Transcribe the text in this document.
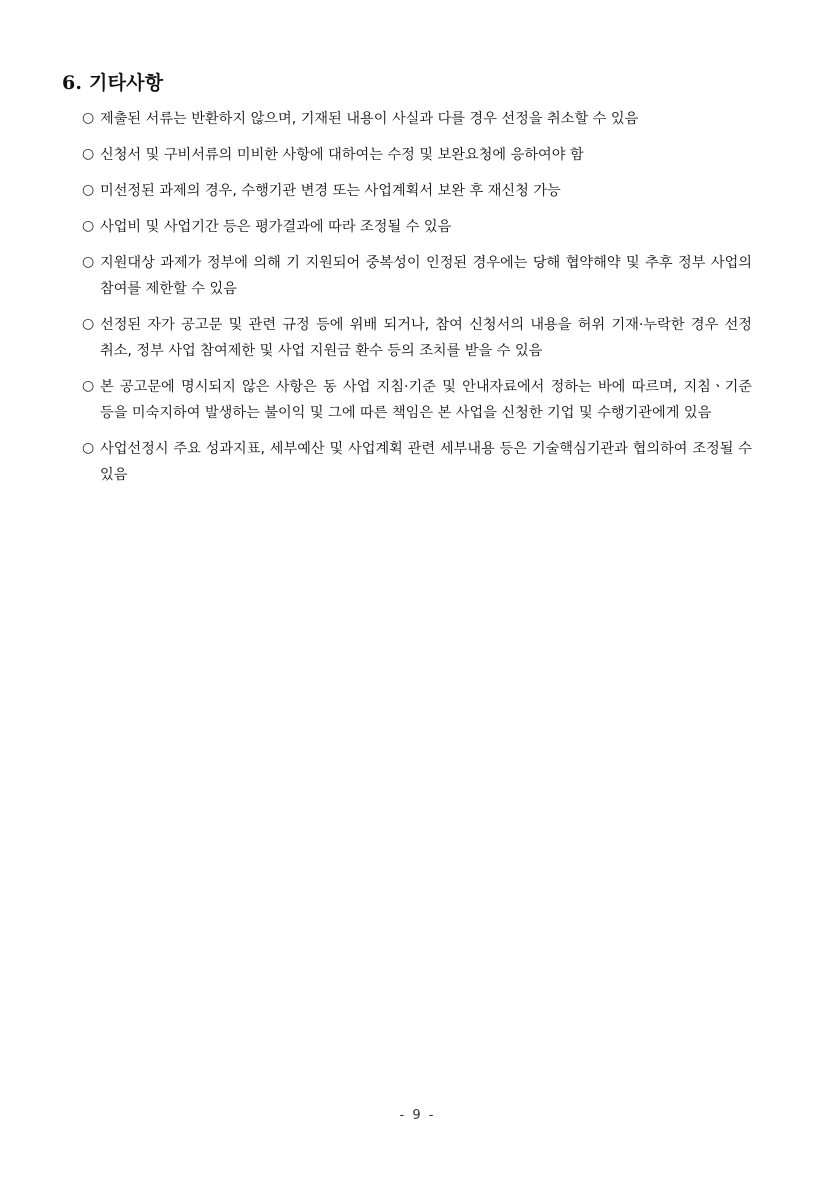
6. 기타사항
○ 제출된 서류는 반환하지 않으며, 기재된 내용이 사실과 다를 경우 선정을 취소할 수 있음
○ 신청서 및 구비서류의 미비한 사항에 대하여는 수정 및 보완요청에 응하여야 함
○ 미선정된 과제의 경우, 수행기관 변경 또는 사업계획서 보완 후 재신청 가능
○ 사업비 및 사업기간 등은 평가결과에 따라 조정될 수 있음
○ 지원대상 과제가 정부에 의해 기 지원되어 중복성이 인정된 경우에는 당해 협약해약 및 추후 정부 사업의 참여를 제한할 수 있음
○ 선정된 자가 공고문 및 관련 규정 등에 위배 되거나, 참여 신청서의 내용을 허위 기재·누락한 경우 선정 취소, 정부 사업 참여제한 및 사업 지원금 환수 등의 조치를 받을 수 있음
○ 본 공고문에 명시되지 않은 사항은 동 사업 지침·기준 및 안내자료에서 정하는 바에 따르며, 지침ㆍ기준 등을 미숙지하여 발생하는 불이익 및 그에 따른 책임은 본 사업을 신청한 기업 및 수행기관에게 있음
○ 사업선정시 주요 성과지표, 세부예산 및 사업계획 관련 세부내용 등은 기술핵심기관과 협의하여 조정될 수 있음
- 9 -
